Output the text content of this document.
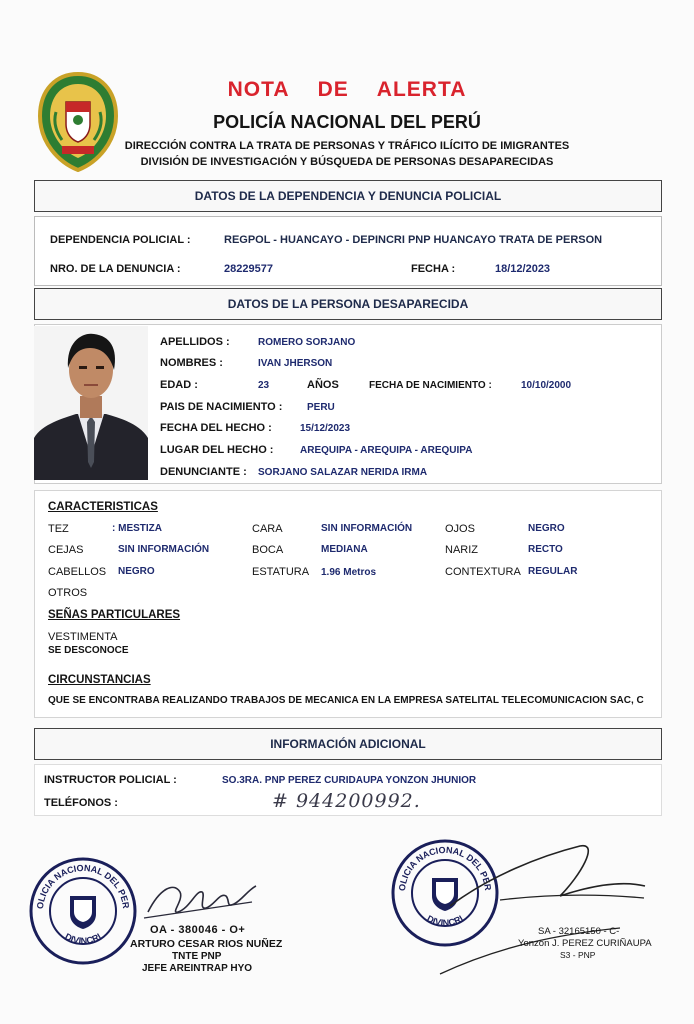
NOTA DE ALERTA
POLICÍA NACIONAL DEL PERÚ
DIRECCIÓN CONTRA LA TRATA DE PERSONAS Y TRÁFICO ILÍCITO DE IMIGRANTES
DIVISIÓN DE INVESTIGACIÓN Y BÚSQUEDA DE PERSONAS DESAPARECIDAS
DATOS DE LA DEPENDENCIA Y DENUNCIA POLICIAL
DEPENDENCIA POLICIAL :	REGPOL - HUANCAYO - DEPINCRI PNP HUANCAYO TRATA DE PERSON
NRO. DE LA DENUNCIA :	28229577	FECHA :	18/12/2023
DATOS DE LA PERSONA DESAPARECIDA
APELLIDOS :	ROMERO SORJANO
NOMBRES :	IVAN JHERSON
EDAD :	23	AÑOS	FECHA DE NACIMIENTO :	10/10/2000
PAIS DE NACIMIENTO : PERU
FECHA DEL HECHO :	15/12/2023
LUGAR DEL HECHO :	AREQUIPA - AREQUIPA - AREQUIPA
DENUNCIANTE : SORJANO SALAZAR NERIDA IRMA
CARACTERISTICAS
TEZ	: MESTIZA	CARA	SIN INFORMACIÓN	OJOS	NEGRO
CEJAS	SIN INFORMACIÓN	BOCA	MEDIANA	NARIZ	RECTO
CABELLOS NEGRO	ESTATURA 1.96 Metros	CONTEXTURA REGULAR
OTROS
SEÑAS PARTICULARES
VESTIMENTA
SE DESCONOCE
CIRCUNSTANCIAS
QUE SE ENCONTRABA REALIZANDO TRABAJOS DE MECANICA EN LA EMPRESA SATELITAL TELECOMUNICACION SAC, C
INFORMACIÓN ADICIONAL
INSTRUCTOR POLICIAL :	SO.3RA. PNP PEREZ CURIDAUPA YONZON JHUNIOR
TELÉFONOS :	# 944200992.
OLICIA NACIONAL DEL PER
DIVINCRI
OA - 380046 - O+
ARTURO CESAR RIOS NUÑEZ
TNTE PNP
JEFE AREINTRAP HYO
OLICIA NACIONAL DEL PER
DIVINCRI
SA - 32165150 - C-
Yonzon J. PEREZ CURIÑAUPA
S3 - PNP
